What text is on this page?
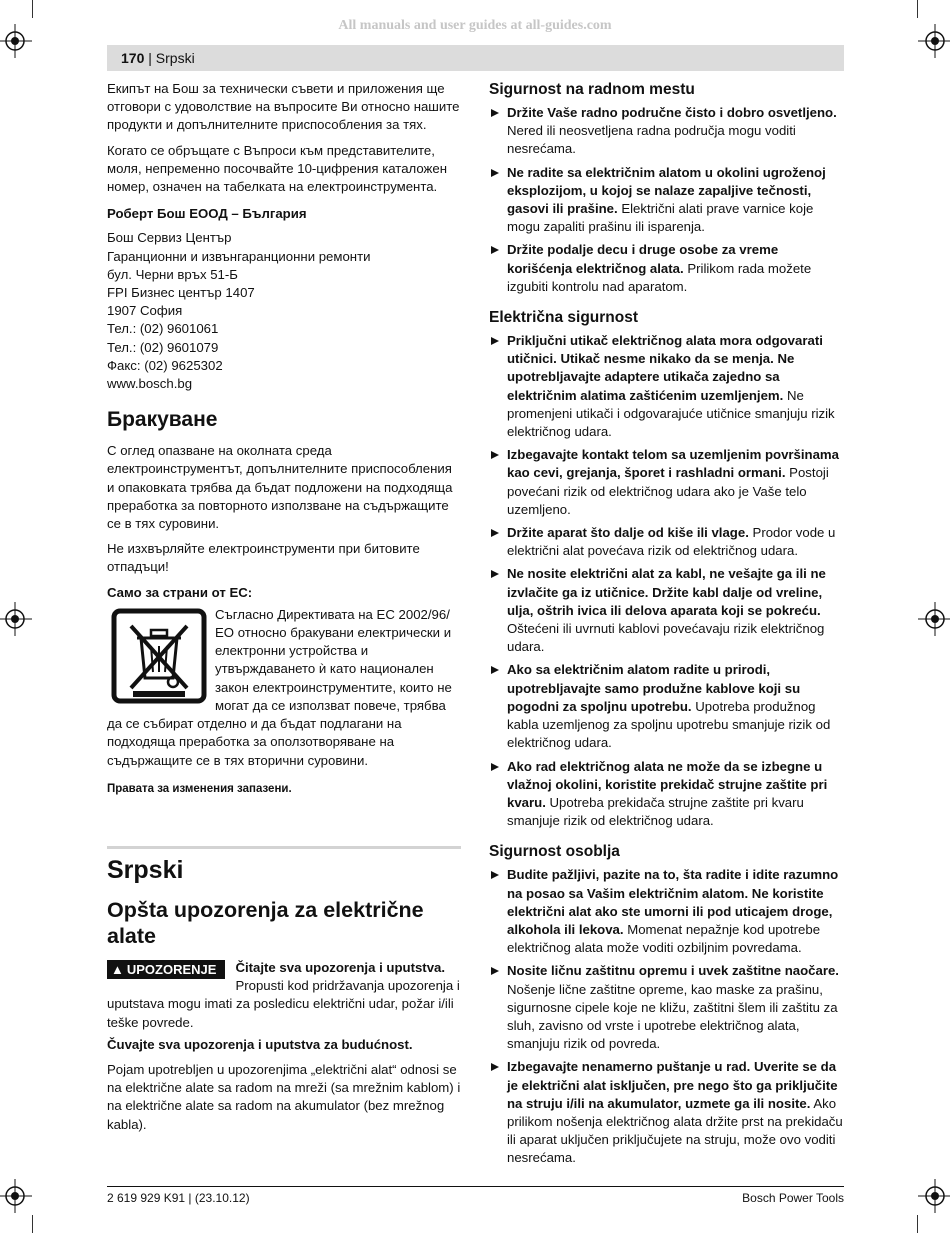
All manuals and user guides at all-guides.com
170 | Srpski

Екипът на Бош за технически съвети и приложения ще отговори с удоволствие на въпросите Ви относно нашите продукти и допълнителните приспособления за тях.

Когато се обръщате с Въпроси към представителите, моля, непременно посочвайте 10-цифрения каталожен номер, означен на табелката на електроинструмента.

Роберт Бош ЕООД – България

Бош Сервиз Център
Гаранционни и извънгаранционни ремонти
бул. Черни връх 51-Б
FPI Бизнес център 1407
1907 София
Тел.: (02) 9601061
Тел.: (02) 9601079
Факс: (02) 9625302
www.bosch.bg
Бракуване

С оглед опазване на околната среда електроинструментът, допълнителните приспособления и опаковката трябва да бъдат подложени на подходяща преработка за повторното използване на съдържащите се в тях суровини.

Не изхвърляйте електроинструменти при битовите отпадъци!

Само за страни от ЕС:

Съгласно Директивата на ЕС 2002/96/ЕО относно бракувани електрически и електронни устройства и утвърждаването ѝ като национален закон електроинструментите, които не могат да се използват повече, трябва да се събират отделно и да бъдат подлагани на подходяща преработка за оползотворяване на съдържащите се в тях вторични суровини.

Правата за изменения запазени.

Srpski
Opšta upozorenja za električne alate

▲ UPOZORENJE	Čitajte sva upozorenja i uputstva. Propusti kod pridržavanja upozorenja i uputstava mogu imati za posledicu električni udar, požar i/ili teške povrede.

Čuvajte sva upozorenja i uputstva za budućnost.

Pojam upotrebljen u upozorenjima „električni alat“ odnosi se na električne alate sa radom na mreži (sa mrežnim kablom) i na električne alate sa radom na akumulator (bez mrežnog kabla).

Sigurnost na radnom mestu
Držite Vaše radno područne čisto i dobro osvetljeno. Nered ili neosvetljena radna područja mogu voditi nesrećama.
Ne radite sa električnim alatom u okolini ugroženoj eksplozijom, u kojoj se nalaze zapaljive tečnosti, gasovi ili prašine. Električni alati prave varnice koje mogu zapaliti prašinu ili isparenja.
Držite podalje decu i druge osobe za vreme korišćenja električnog alata. Prilikom rada možete izgubiti kontrolu nad aparatom.
Električna sigurnost
Priključni utikač električnog alata mora odgovarati utičnici. Utikač nesme nikako da se menja. Ne upotrebljavajte adaptere utikača zajedno sa električnim alatima zaštićenim uzemljenjem. Ne promenjeni utikači i odgovarajuće utičnice smanjuju rizik električnog udara.
Izbegavajte kontakt telom sa uzemljenim površinama kao cevi, grejanja, šporet i rashladni ormani. Postoji povećani rizik od električnog udara ako je Vaše telo uzemljeno.
Držite aparat što dalje od kiše ili vlage. Prodor vode u električni alat povećava rizik od električnog udara.
Ne nosite električni alat za kabl, ne vešajte ga ili ne izvlačite ga iz utičnice. Držite kabl dalje od vreline, ulja, oštrih ivica ili delova aparata koji se pokreću. Oštećeni ili uvrnuti kablovi povećavaju rizik električnog udara.
Ako sa električnim alatom radite u prirodi, upotrebljavajte samo produžne kablove koji su pogodni za spoljnu upotrebu. Upotreba produžnog kabla uzemljenog za spoljnu upotrebu smanjuje rizik od električnog udara.
Ako rad električnog alata ne može da se izbegne u vlažnoj okolini, koristite prekidač strujne zaštite pri kvaru. Upotreba prekidača strujne zaštite pri kvaru smanjuje rizik od električnog udara.
Sigurnost osoblja
Budite pažljivi, pazite na to, šta radite i idite razumno na posao sa Vašim električnim alatom. Ne koristite električni alat ako ste umorni ili pod uticajem droge, alkohola ili lekova. Momenat nepažnje kod upotrebe električnog alata može voditi ozbiljnim povredama.
Nosite ličnu zaštitnu opremu i uvek zaštitne naočare. Nošenje lične zaštitne opreme, kao maske za prašinu, sigurnosne cipele koje ne kližu, zaštitni šlem ili zaštitu za sluh, zavisno od vrste i upotrebe električnog alata, smanjuju rizik od povreda.
Izbegavajte nenamerno puštanje u rad. Uverite se da je električni alat isključen, pre nego što ga priključite na struju i/ili na akumulator, uzmete ga ili nosite. Ako prilikom nošenja električnog alata držite prst na prekidaču ili aparat uključen priključujete na struju, može ovo voditi nesrećama.
2 619 929 K91 | (23.10.12)	Bosch Power Tools
